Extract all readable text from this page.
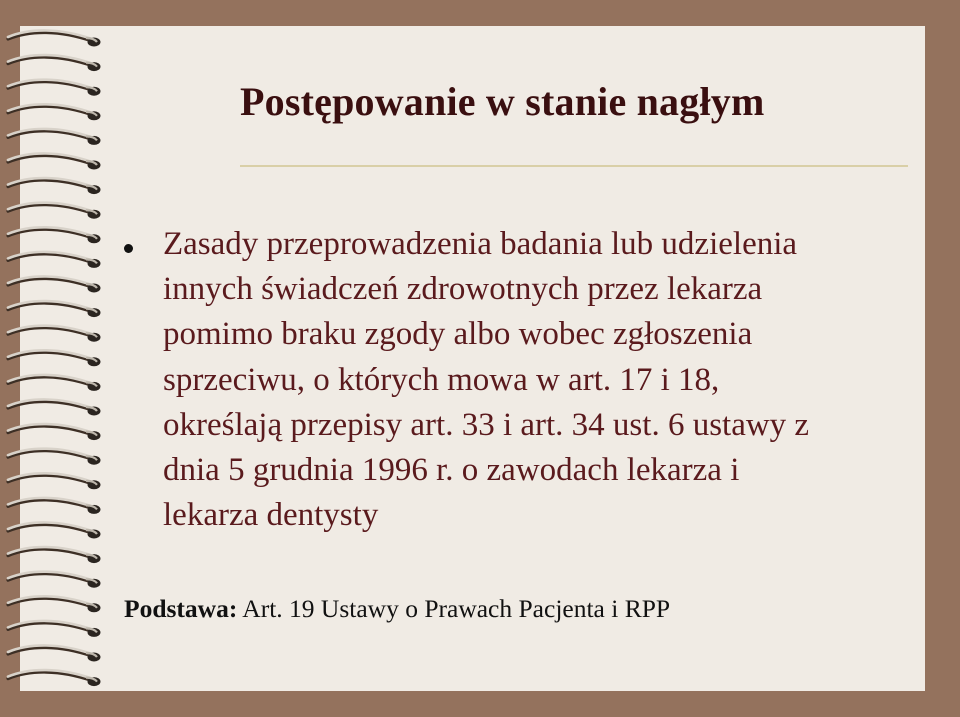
Postępowanie w stanie nagłym

Zasady przeprowadzenia badania lub udzielenia
innych świadczeń zdrowotnych przez lekarza
pomimo braku zgody albo wobec zgłoszenia
sprzeciwu, o których mowa w art. 17 i 18,
określają przepisy art. 33 i art. 34 ust. 6 ustawy z
dnia 5 grudnia 1996 r. o zawodach lekarza i
lekarza dentysty

Podstawa: Art. 19 Ustawy o Prawach Pacjenta i RPP
